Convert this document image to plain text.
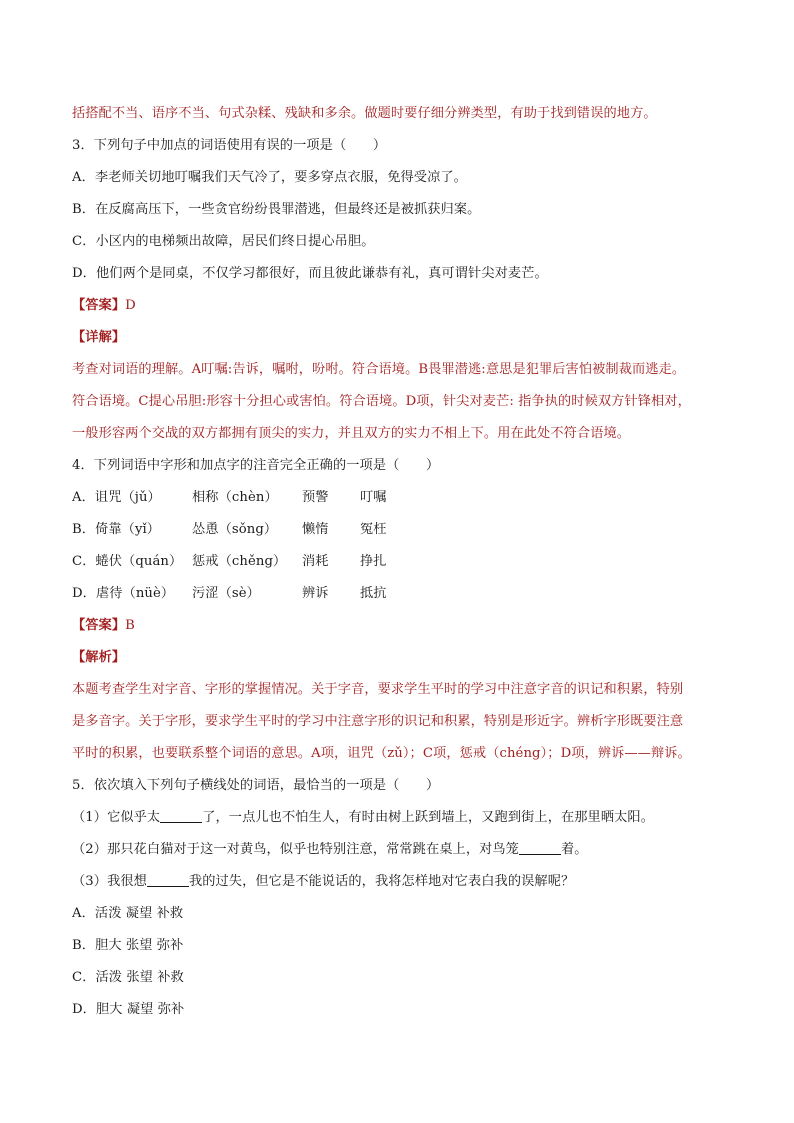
括搭配不当、语序不当、句式杂糅、残缺和多余。做题时要仔细分辨类型，有助于找到错误的地方。
3．下列句子中加点的词语使用有误的一项是（　　）
A．李老师关切地叮嘱我们天气冷了，要多穿点衣服，免得受凉了。
B．在反腐高压下，一些贪官纷纷畏罪潜逃，但最终还是被抓获归案。
C．小区内的电梯频出故障，居民们终日提心吊胆。
D．他们两个是同桌，不仅学习都很好，而且彼此谦恭有礼，真可谓针尖对麦芒。
【答案】D
【详解】
考查对词语的理解。A叮嘱:告诉，嘱咐，吩咐。符合语境。B畏罪潜逃:意思是犯罪后害怕被制裁而逃走。
符合语境。C提心吊胆:形容十分担心或害怕。符合语境。D项，针尖对麦芒: 指争执的时候双方针锋相对，
一般形容两个交战的双方都拥有顶尖的实力，并且双方的实力不相上下。用在此处不符合语境。
4．下列词语中字形和加点字的注音完全正确的一项是（　　）
A．诅咒（jǔ） 相称（chèn） 预警 叮嘱
B．倚靠（yǐ） 怂恿（sǒng） 懒惰 冤枉
C．蜷伏（quán） 惩戒（chěng） 消耗 挣扎
D．虐待（nüè） 污涩（sè）	辨诉 抵抗
【答案】B
【解析】
本题考查学生对字音、字形的掌握情况。关于字音，要求学生平时的学习中注意字音的识记和积累，特别
是多音字。关于字形，要求学生平时的学习中注意字形的识记和积累，特别是形近字。辨析字形既要注意
平时的积累，也要联系整个词语的意思。A项，诅咒（zǔ）；C项，惩戒（chéng）；D项，辨诉——辩诉。
5．依次填入下列句子横线处的词语，最恰当的一项是（　　）
（1）它似乎太	了，一点儿也不怕生人，有时由树上跃到墙上，又跑到街上，在那里晒太阳。
（2）那只花白猫对于这一对黄鸟，似乎也特别注意，常常跳在桌上，对鸟笼	着。
（3）我很想	我的过失，但它是不能说话的，我将怎样地对它表白我的误解呢？
A．活泼 凝望 补救
B．胆大 张望 弥补
C．活泼 张望 补救
D．胆大 凝望 弥补
